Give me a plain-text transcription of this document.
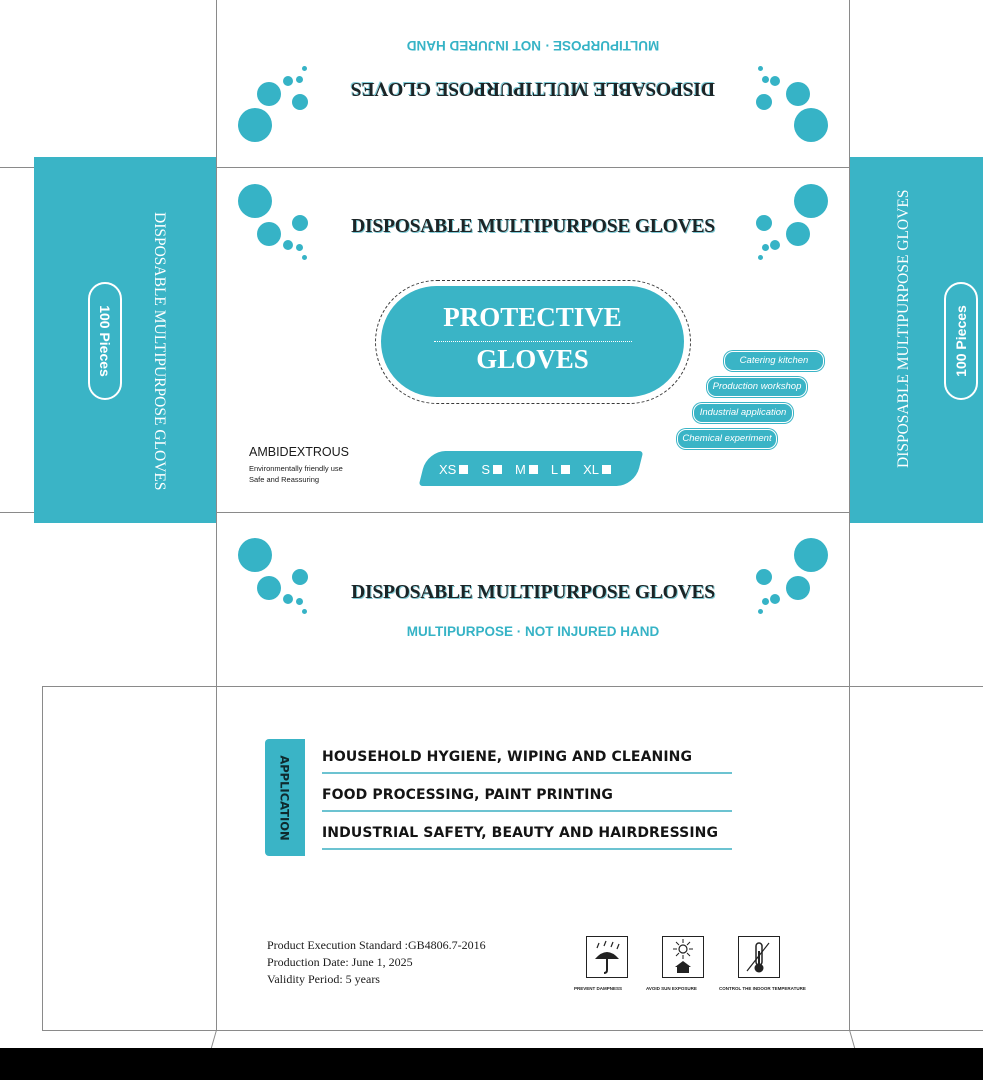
DISPOSABLE MULTIPURPOSE GLOVES
MULTIPURPOSE · NOT INJURED HAND
DISPOSABLE MULTIPURPOSE GLOVES
100 Pieces	DISPOSABLE MULTIPURPOSE GLOVES	100 Pieces
DISPOSABLE MULTIPURPOSE GLOVES
PROTECTIVE
GLOVES	Catering kitchen
Production workshop
Industrial application
Chemical experiment
AMBIDEXTROUS
Environmentally friendly use
Safe and Reassuring
XS S M L XL
DISPOSABLE MULTIPURPOSE GLOVES
MULTIPURPOSE · NOT INJURED HAND
APPLICATION HOUSEHOLD HYGIENE, WIPING AND CLEANING
FOOD PROCESSING, PAINT PRINTING
INDUSTRIAL SAFETY, BEAUTY AND HAIRDRESSING
Product Execution Standard :GB4806.7-2016
Production Date: June 1, 2025
Validity Period: 5 years
PREVENT DAMPNESS	AVOID SUN EXPOSURE	CONTROL THE INDOOR TEMPERATURE
